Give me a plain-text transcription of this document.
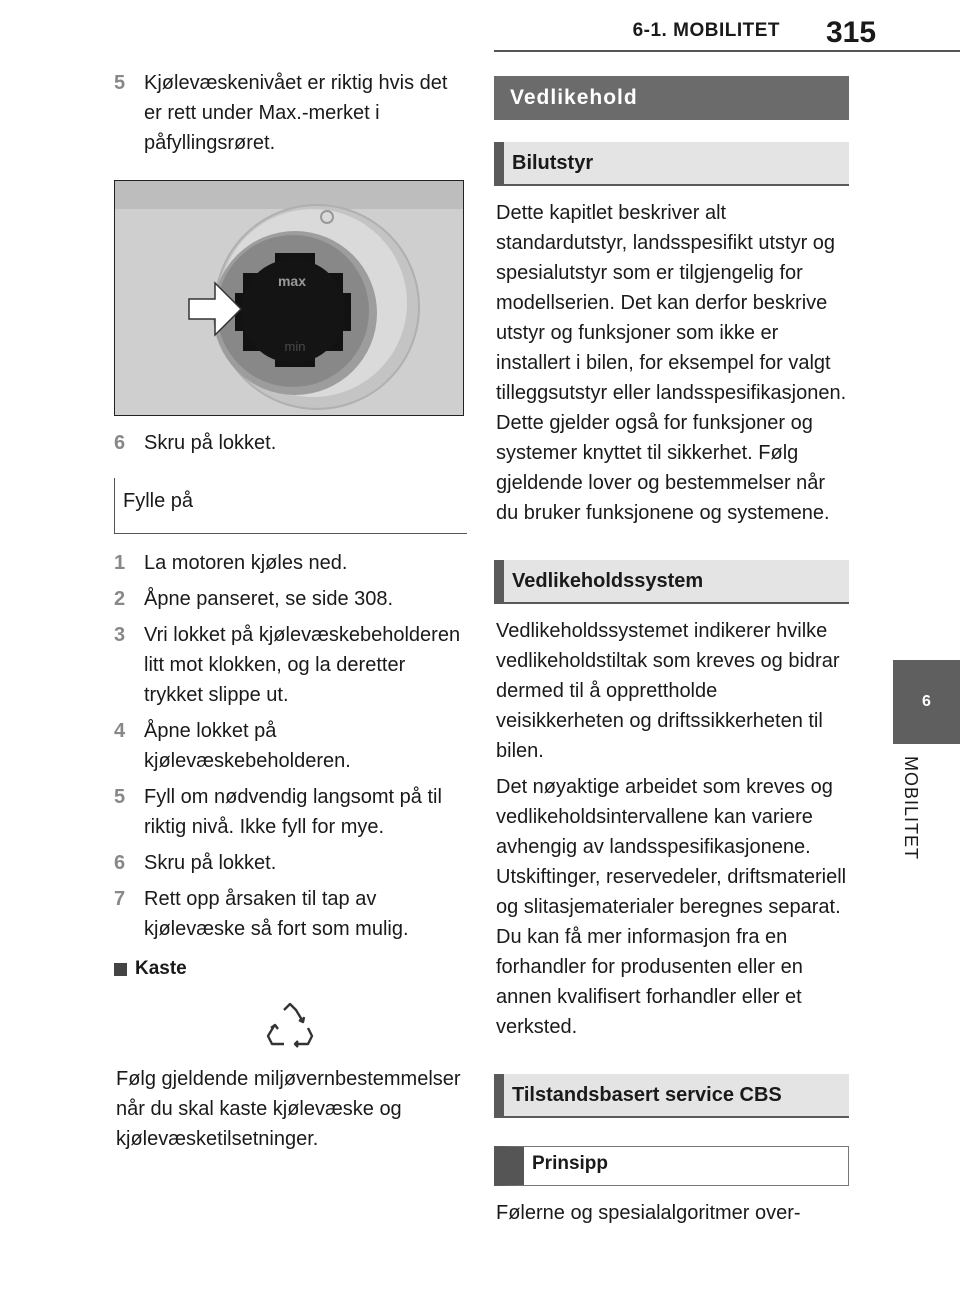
6-1. MOBILITET 315
6
MOBILITET
5 Kjølevæskenivået er riktig hvis det er rett under Max.-merket i påfyllingsrøret.
max
min
6 Skru på lokket.
Fylle på
1 La motoren kjøles ned.
2 Åpne panseret, se side 308.
3 Vri lokket på kjølevæskebeholderen litt mot klokken, og la deretter trykket slippe ut.
4 Åpne lokket på kjølevæskebeholderen.
5 Fyll om nødvendig langsomt på til riktig nivå. Ikke fyll for mye.
6 Skru på lokket.
7 Rett opp årsaken til tap av kjølevæske så fort som mulig.
Kaste
Følg gjeldende miljøvernbestemmelser når du skal kaste kjølevæske og kjølevæsketilsetninger.
Vedlikehold
Bilutstyr
Dette kapitlet beskriver alt standardutstyr, landsspesifikt utstyr og spesialutstyr som er tilgjengelig for modellserien. Det kan derfor beskrive utstyr og funksjoner som ikke er installert i bilen, for eksempel for valgt tilleggsutstyr eller landsspesifikasjonen. Dette gjelder også for funksjoner og systemer knyttet til sikkerhet. Følg gjeldende lover og bestemmelser når du bruker funksjonene og systemene.
Vedlikeholdssystem
Vedlikeholdssystemet indikerer hvilke vedlikeholdstiltak som kreves og bidrar dermed til å opprettholde veisikkerheten og driftssikkerheten til bilen.
Det nøyaktige arbeidet som kreves og vedlikeholdsintervallene kan variere avhengig av landsspesifikasjonene. Utskiftinger, reservedeler, driftsmateriell og slitasjematerialer beregnes separat. Du kan få mer informasjon fra en forhandler for produsenten eller en annen kvalifisert forhandler eller et verksted.
Tilstandsbasert service CBS
Prinsipp
Følerne og spesialalgoritmer over-
